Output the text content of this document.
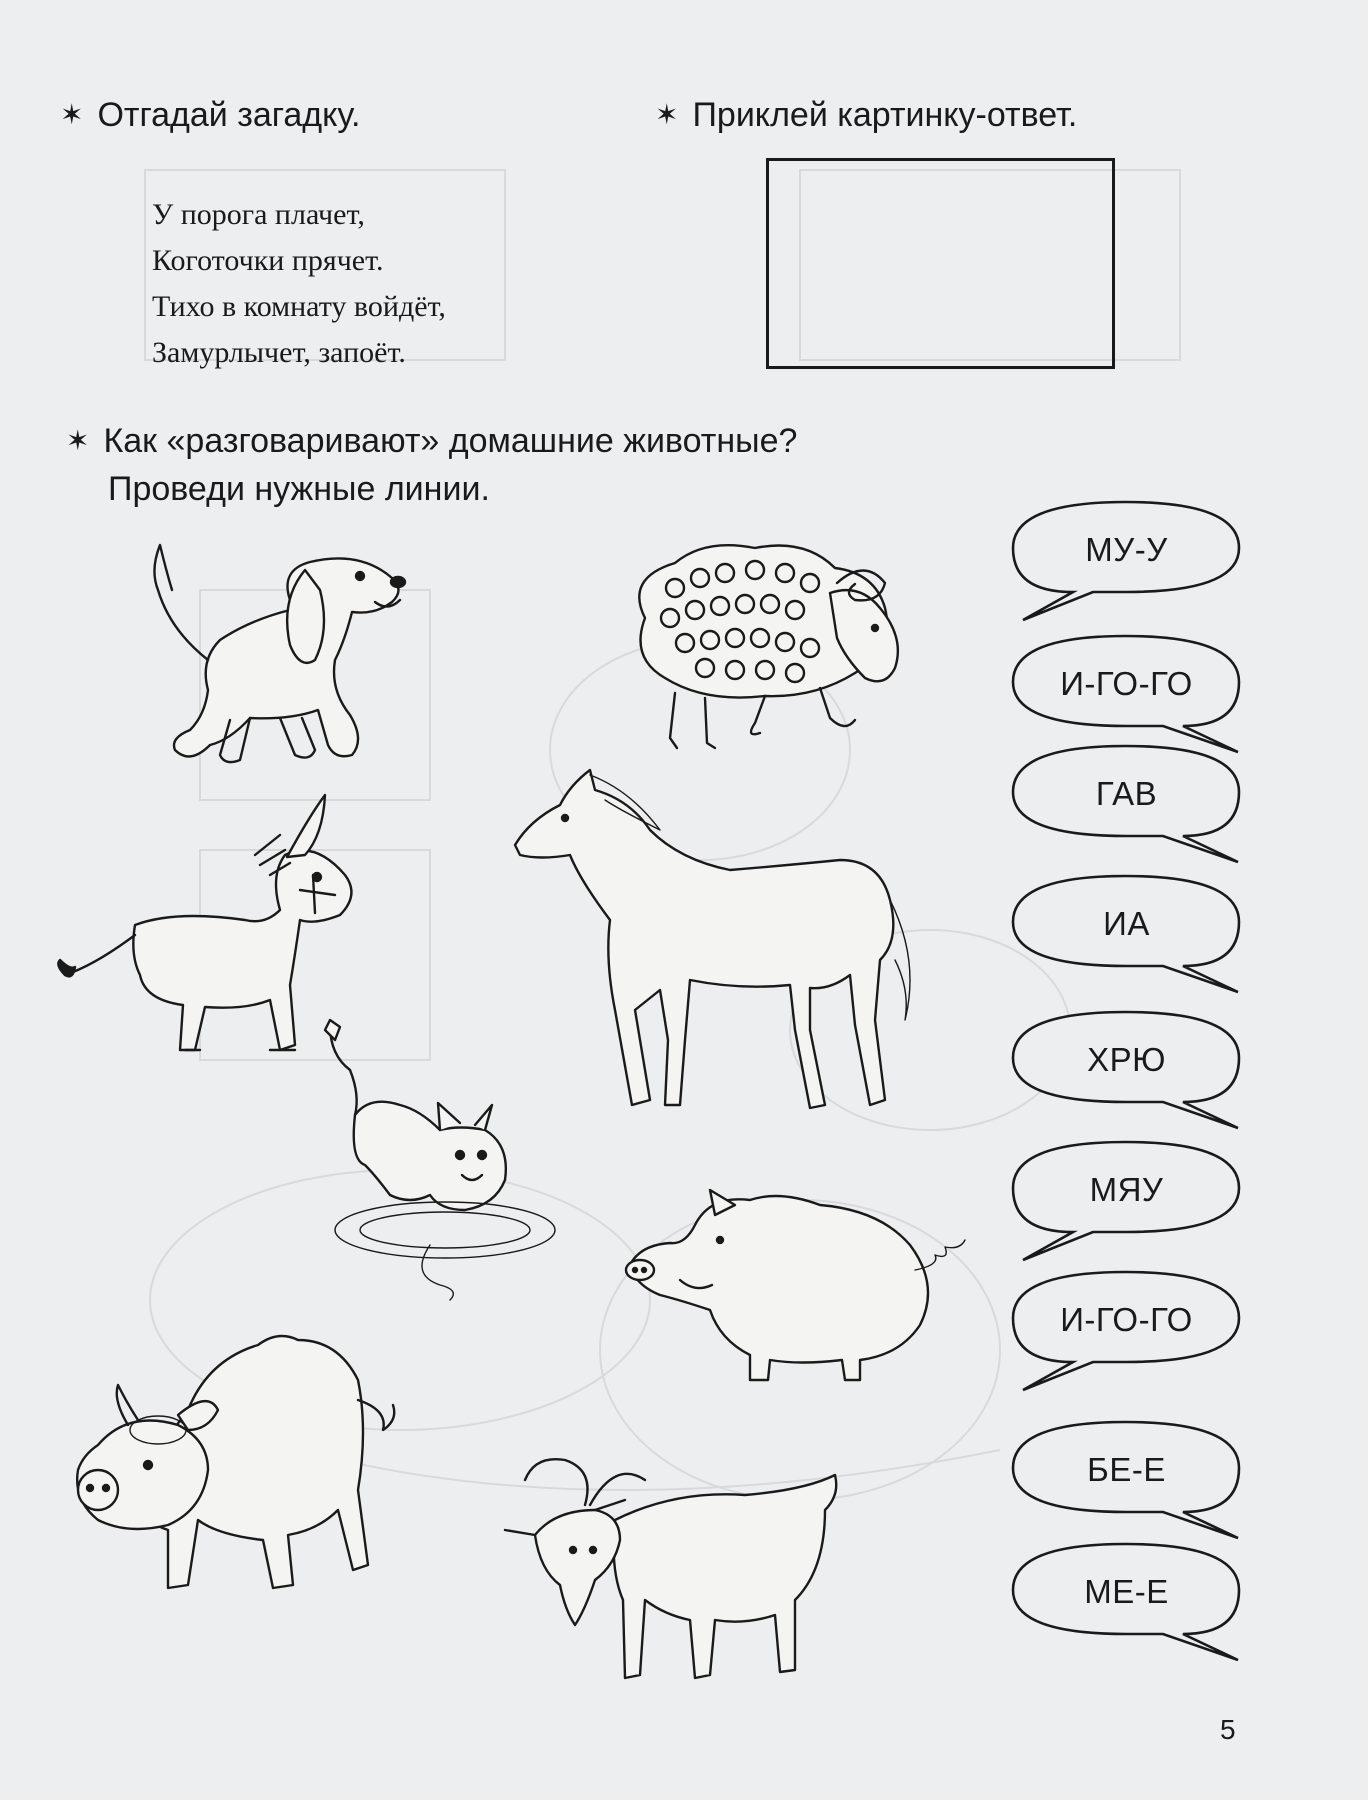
✶ Отгадай загадку.
У порога плачет,
Коготочки прячет.
Тихо в комнату войдёт,
Замурлычет, запоёт.
✶ Приклей картинку-ответ.
✶ Как «разговаривают» домашние животные?
Проведи нужные линии.
МУ-У
И-ГО-ГО
ГАВ
ИА
ХРЮ
МЯУ
И-ГО-ГО
БЕ-Е
МЕ-Е
5
